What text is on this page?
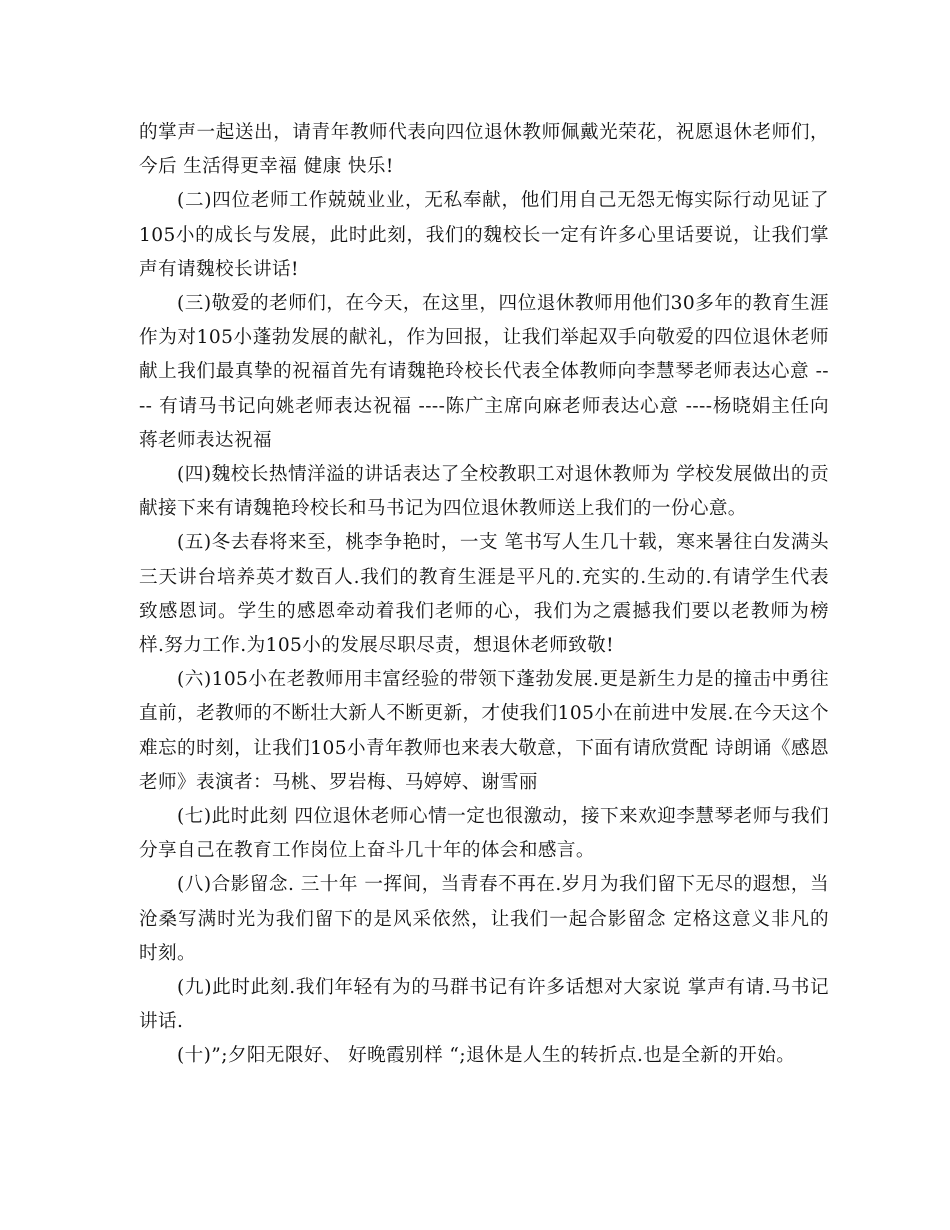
的掌声一起送出，请青年教师代表向四位退休教师佩戴光荣花，祝愿退休老师们，今后 生活得更幸福 健康 快乐!

(二)四位老师工作兢兢业业，无私奉献，他们用自己无怨无悔实际行动见证了105小的成长与发展，此时此刻，我们的魏校长一定有许多心里话要说，让我们掌声有请魏校长讲话!

(三)敬爱的老师们，在今天，在这里，四位退休教师用他们30多年的教育生涯 作为对105小蓬勃发展的献礼，作为回报，让我们举起双手向敬爱的四位退休老师献上我们最真挚的祝福首先有请魏艳玲校长代表全体教师向李慧琴老师表达心意 ---- 有请马书记向姚老师表达祝福 ----陈广主席向麻老师表达心意 ----杨晓娟主任向蒋老师表达祝福

(四)魏校长热情洋溢的讲话表达了全校教职工对退休教师为 学校发展做出的贡献接下来有请魏艳玲校长和马书记为四位退休教师送上我们的一份心意。

(五)冬去春将来至，桃李争艳时，一支 笔书写人生几十载，寒来暑往白发满头三天讲台培养英才数百人.我们的教育生涯是平凡的.充实的.生动的.有请学生代表致感恩词。学生的感恩牵动着我们老师的心，我们为之震撼我们要以老教师为榜样.努力工作.为105小的发展尽职尽责，想退休老师致敬!

(六)105小在老教师用丰富经验的带领下蓬勃发展.更是新生力是的撞击中勇往直前，老教师的不断壮大新人不断更新，才使我们105小在前进中发展.在今天这个难忘的时刻，让我们105小青年教师也来表大敬意，下面有请欣赏配 诗朗诵《感恩老师》表演者：马桃、罗岩梅、马婷婷、谢雪丽

(七)此时此刻 四位退休老师心情一定也很激动，接下来欢迎李慧琴老师与我们分享自己在教育工作岗位上奋斗几十年的体会和感言。

(八)合影留念. 三十年 一挥间，当青春不再在.岁月为我们留下无尽的遐想，当沧桑写满时光为我们留下的是风采依然，让我们一起合影留念 定格这意义非凡的时刻。

(九)此时此刻.我们年轻有为的马群书记有许多话想对大家说 掌声有请.马书记讲话.

(十)”;夕阳无限好、 好晚霞别样 “;退休是人生的转折点.也是全新的开始。
